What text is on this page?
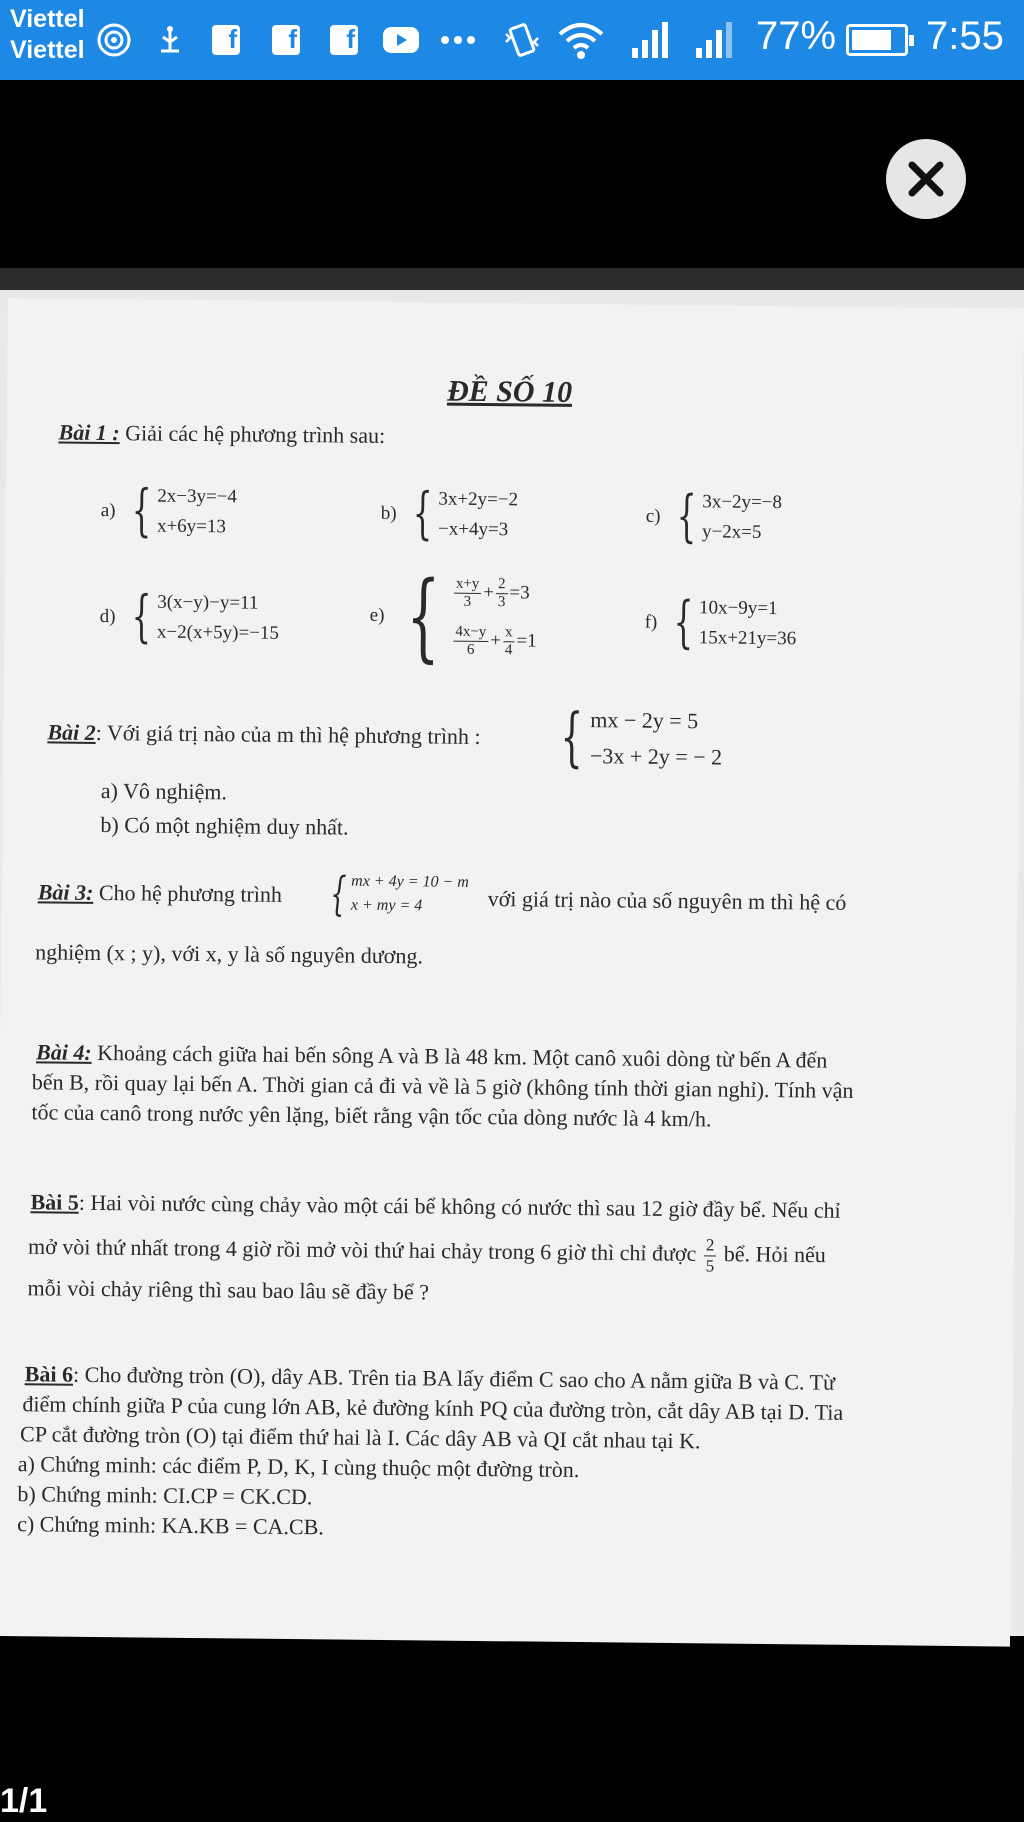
Viettel
Viettel	f	f	f	77% 7:55
ĐỀ SỐ 10
Bài 1 : Giải các hệ phương trình sau:
a) { 2x−3y=−4
x+6y=13
b) { 3x+2y=−2
−x+4y=3
c) { 3x−2y=−8
y−2x=5
d) { 3(x−y)−y=11
x−2(x+5y)=−15
e) { $\frac{x+y}{3} + \frac{2}{3} =3$
$\frac{4x-y}{6} + \frac{x}{4} =1$
f) { 10x−9y=1
15x+21y=36
Bài 2: Với giá trị nào của m thì hệ phương trình : { mx − 2y = 5
−3x + 2y = − 2
a) Vô nghiệm.
b) Có một nghiệm duy nhất.
Bài 3: Cho hệ phương trình { mx + 4y = 10 − m
x + my = 4	với giá trị nào của số nguyên m thì hệ có
nghiệm (x ; y), với x, y là số nguyên dương.
Bài 4: Khoảng cách giữa hai bến sông A và B là 48 km. Một canô xuôi dòng từ bến A đến
bến B, rồi quay lại bến A. Thời gian cả đi và về là 5 giờ (không tính thời gian nghỉ). Tính vận
tốc của canô trong nước yên lặng, biết rằng vận tốc của dòng nước là 4 km/h.
Bài 5: Hai vòi nước cùng chảy vào một cái bể không có nước thì sau 12 giờ đầy bể. Nếu chỉ
mở vòi thứ nhất trong 4 giờ rồi mở vòi thứ hai chảy trong 6 giờ thì chỉ được $\frac{2}{5}$ bể. Hỏi nếu
mỗi vòi chảy riêng thì sau bao lâu sẽ đầy bể ?
Bài 6: Cho đường tròn (O), dây AB. Trên tia BA lấy điểm C sao cho A nằm giữa B và C. Từ
điểm chính giữa P của cung lớn AB, kẻ đường kính PQ của đường tròn, cắt dây AB tại D. Tia
CP cắt đường tròn (O) tại điểm thứ hai là I. Các dây AB và QI cắt nhau tại K.
a) Chứng minh: các điểm P, D, K, I cùng thuộc một đường tròn.
b) Chứng minh: CI.CP = CK.CD.
c) Chứng minh: KA.KB = CA.CB.
1/1
